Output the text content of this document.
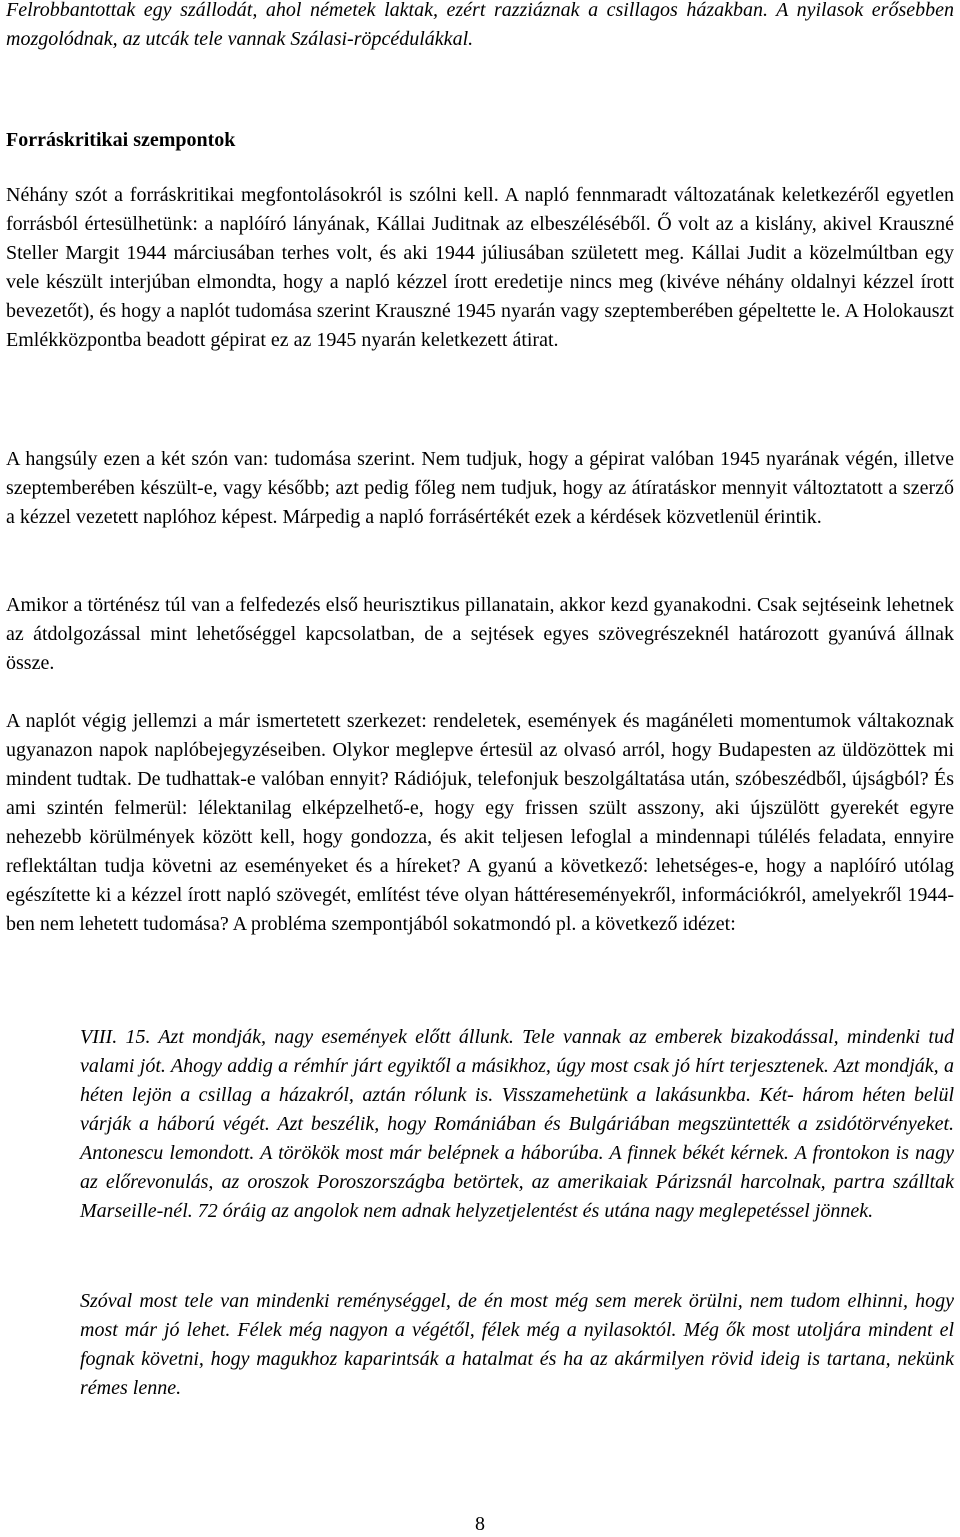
Felrobbantottak egy szállodát, ahol németek laktak, ezért razziáznak a csillagos házakban. A nyilasok erősebben mozgolódnak, az utcák tele vannak Szálasi-röpcédulákkal.

Forráskritikai szempontok

Néhány szót a forráskritikai megfontolásokról is szólni kell. A napló fennmaradt változatának keletkezéről egyetlen forrásból értesülhetünk: a naplóíró lányának, Kállai Juditnak az elbeszéléséből. Ő volt az a kislány, akivel Krauszné Steller Margit 1944 márciusában terhes volt, és aki 1944 júliusában született meg. Kállai Judit a közelmúltban egy vele készült interjúban elmondta, hogy a napló kézzel írott eredetije nincs meg (kivéve néhány oldalnyi kézzel írott bevezetőt), és hogy a naplót tudomása szerint Krauszné 1945 nyarán vagy szeptemberében gépeltette le. A Holokauszt Emlékközpontba beadott gépirat ez az 1945 nyarán keletkezett átirat.

A hangsúly ezen a két szón van: tudomása szerint. Nem tudjuk, hogy a gépirat valóban 1945 nyarának végén, illetve szeptemberében készült-e, vagy később; azt pedig főleg nem tudjuk, hogy az átíratáskor mennyit változtatott a szerző a kézzel vezetett naplóhoz képest. Márpedig a napló forrásértékét ezek a kérdések közvetlenül érintik.

Amikor a történész túl van a felfedezés első heurisztikus pillanatain, akkor kezd gyanakodni. Csak sejtéseink lehetnek az átdolgozással mint lehetőséggel kapcsolatban, de a sejtések egyes szövegrészeknél határozott gyanúvá állnak össze.

A naplót végig jellemzi a már ismertetett szerkezet: rendeletek, események és magánéleti momentumok váltakoznak ugyanazon napok naplóbejegyzéseiben. Olykor meglepve értesül az olvasó arról, hogy Budapesten az üldözöttek mi mindent tudtak. De tudhattak-e valóban ennyit? Rádiójuk, telefonjuk beszolgáltatása után, szóbeszédből, újságból? És ami szintén felmerül: lélektanilag elképzelhető-e, hogy egy frissen szült asszony, aki újszülött gyerekét egyre nehezebb körülmények között kell, hogy gondozza, és akit teljesen lefoglal a mindennapi túlélés feladata, ennyire reflektáltan tudja követni az eseményeket és a híreket? A gyanú a következő: lehetséges-e, hogy a naplóíró utólag egészítette ki a kézzel írott napló szövegét, említést téve olyan háttéreseményekről, információkról, amelyekről 1944-ben nem lehetett tudomása? A probléma szempontjából sokatmondó pl. a következő idézet:

VIII. 15. Azt mondják, nagy események előtt állunk. Tele vannak az emberek bizakodással, mindenki tud valami jót. Ahogy addig a rémhír járt egyiktől a másikhoz, úgy most csak jó hírt terjesztenek. Azt mondják, a héten lejön a csillag a házakról, aztán rólunk is. Visszamehetünk a lakásunkba. Két- három héten belül várják a háború végét. Azt beszélik, hogy Romániában és Bulgáriában megszüntették a zsidótörvényeket. Antonescu lemondott. A törökök most már belépnek a háborúba. A finnek békét kérnek. A frontokon is nagy az előrevonulás, az oroszok Poroszországba betörtek, az amerikaiak Párizsnál harcolnak, partra szálltak Marseille-nél. 72 óráig az angolok nem adnak helyzetjelentést és utána nagy meglepetéssel jönnek.

Szóval most tele van mindenki reménységgel, de én most még sem merek örülni, nem tudom elhinni, hogy most már jó lehet. Félek még nagyon a végétől, félek még a nyilasoktól. Még ők most utoljára mindent el fognak követni, hogy magukhoz kaparintsák a hatalmat és ha az akármilyen rövid ideig is tartana, nekünk rémes lenne.

8
